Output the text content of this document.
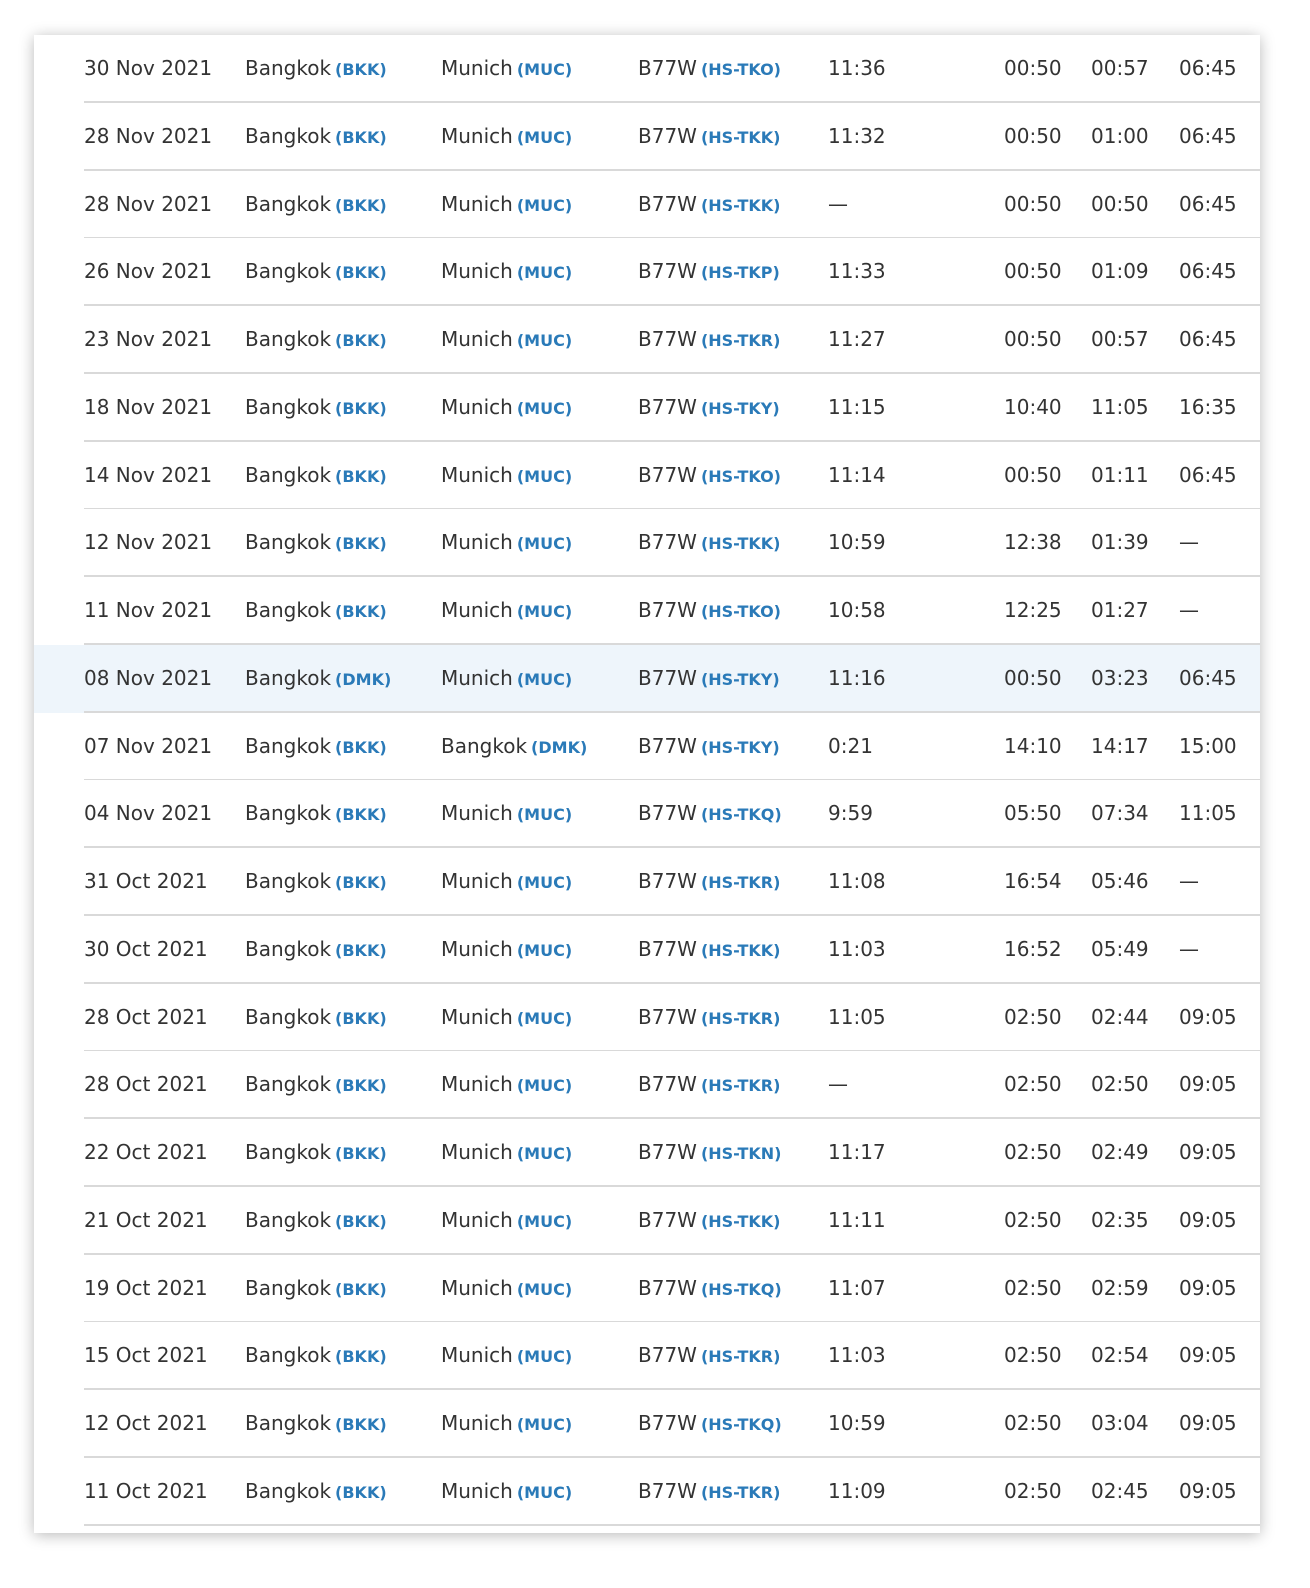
30 Nov 2021 Bangkok (BKK)	Munich (MUC)	B77W (HS-TKO) 11:36	00:50 00:57 06:45
28 Nov 2021 Bangkok (BKK)	Munich (MUC)	B77W (HS-TKK) 11:32	00:50 01:00 06:45
28 Nov 2021 Bangkok (BKK)	Munich (MUC)	B77W (HS-TKK) —	00:50 00:50 06:45
26 Nov 2021 Bangkok (BKK)	Munich (MUC)	B77W (HS-TKP) 11:33	00:50 01:09 06:45
23 Nov 2021 Bangkok (BKK)	Munich (MUC)	B77W (HS-TKR) 11:27	00:50 00:57 06:45
18 Nov 2021 Bangkok (BKK)	Munich (MUC)	B77W (HS-TKY) 11:15	10:40 11:05 16:35
14 Nov 2021 Bangkok (BKK)	Munich (MUC)	B77W (HS-TKO) 11:14	00:50 01:11 06:45
12 Nov 2021 Bangkok (BKK)	Munich (MUC)	B77W (HS-TKK) 10:59	12:38 01:39 —
11 Nov 2021 Bangkok (BKK)	Munich (MUC)	B77W (HS-TKO) 10:58	12:25 01:27 —
08 Nov 2021 Bangkok (DMK) Munich (MUC)	B77W (HS-TKY) 11:16	00:50 03:23 06:45
07 Nov 2021 Bangkok (BKK)	Bangkok (DMK)	B77W (HS-TKY) 0:21	14:10 14:17 15:00
04 Nov 2021 Bangkok (BKK)	Munich (MUC)	B77W (HS-TKQ) 9:59	05:50 07:34 11:05
31 Oct 2021 Bangkok (BKK)	Munich (MUC)	B77W (HS-TKR) 11:08	16:54 05:46 —
30 Oct 2021 Bangkok (BKK)	Munich (MUC)	B77W (HS-TKK) 11:03	16:52 05:49 —
28 Oct 2021 Bangkok (BKK)	Munich (MUC)	B77W (HS-TKR) 11:05	02:50 02:44 09:05
28 Oct 2021 Bangkok (BKK)	Munich (MUC)	B77W (HS-TKR) —	02:50 02:50 09:05
22 Oct 2021 Bangkok (BKK)	Munich (MUC)	B77W (HS-TKN) 11:17	02:50 02:49 09:05
21 Oct 2021 Bangkok (BKK)	Munich (MUC)	B77W (HS-TKK) 11:11	02:50 02:35 09:05
19 Oct 2021 Bangkok (BKK)	Munich (MUC)	B77W (HS-TKQ) 11:07	02:50 02:59 09:05
15 Oct 2021 Bangkok (BKK)	Munich (MUC)	B77W (HS-TKR) 11:03	02:50 02:54 09:05
12 Oct 2021 Bangkok (BKK)	Munich (MUC)	B77W (HS-TKQ) 10:59	02:50 03:04 09:05
11 Oct 2021 Bangkok (BKK)	Munich (MUC)	B77W (HS-TKR) 11:09	02:50 02:45 09:05
